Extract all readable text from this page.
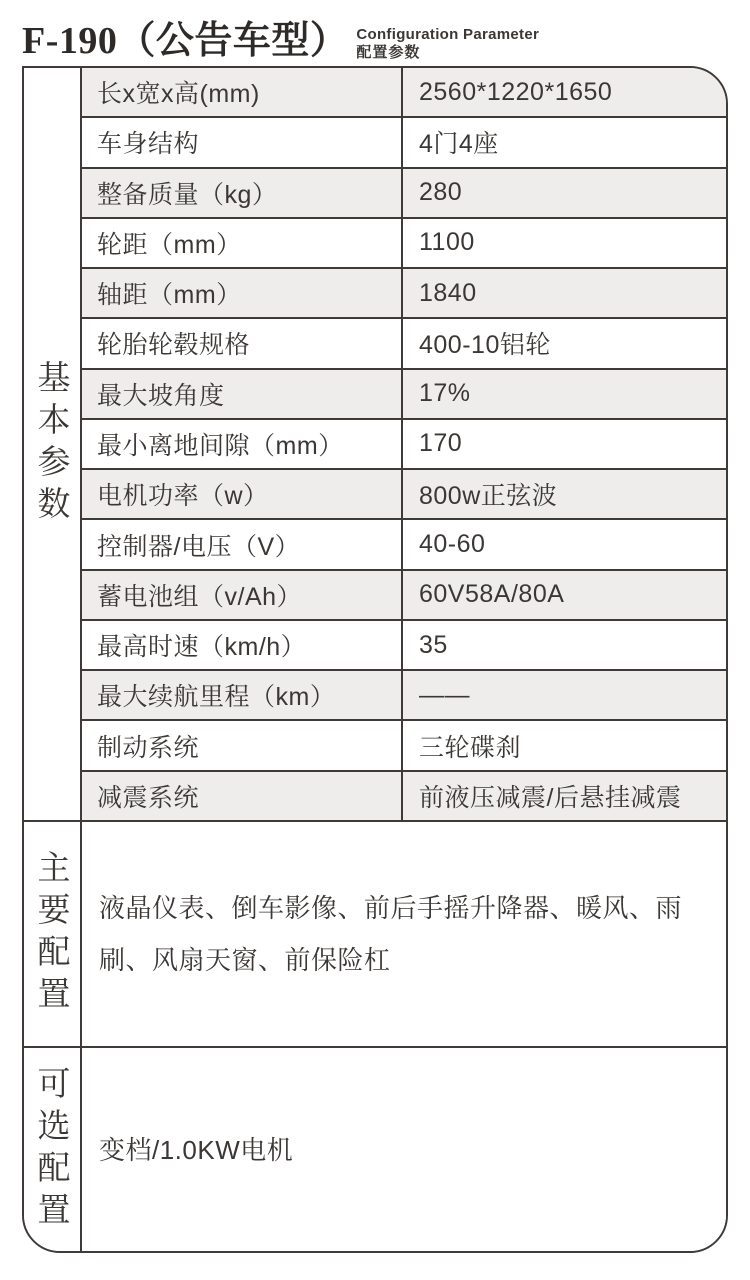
F-190（公告车型） Configuration Parameter
配置参数
基本参数
长x宽x高(mm)	2560*1220*1650
车身结构	4门4座
整备质量（kg）	280
轮距（mm）	1100
轴距（mm）	1840
轮胎轮毂规格	400-10铝轮
最大坡角度	17%
最小离地间隙（mm）	170
电机功率（w）	800w正弦波
控制器/电压（V）	40-60
蓄电池组（v/Ah）	60V58A/80A
最高时速（km/h）	35
最大续航里程（km）	——
制动系统	三轮碟刹
减震系统	前液压减震/后悬挂减震
主要配置	液晶仪表、倒车影像、前后手摇升降器、暖风、雨刷、风扇天窗、前保险杠
可选配置	变档/1.0KW电机
